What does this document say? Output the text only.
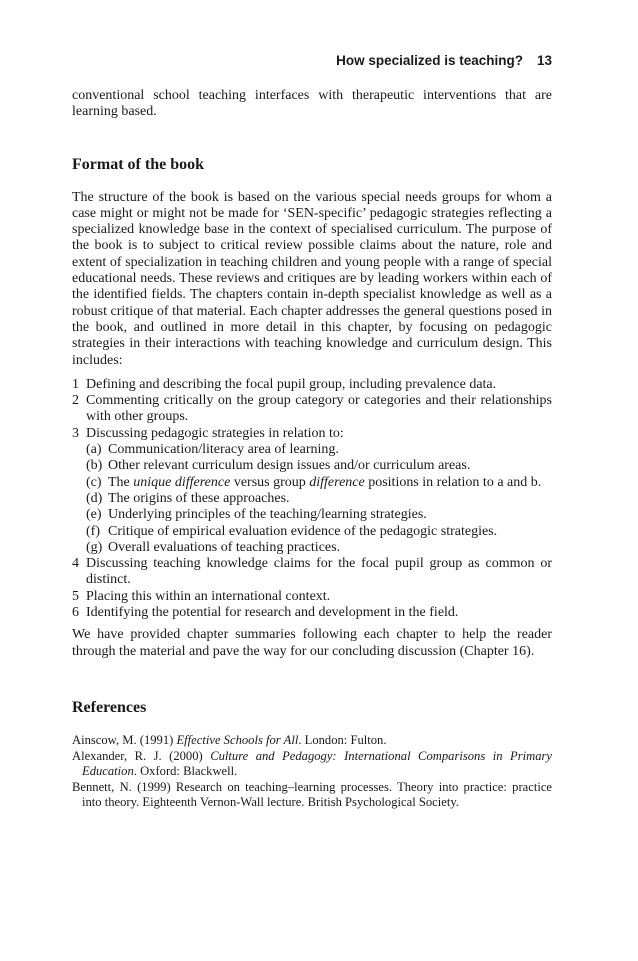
How specialized is teaching? 13

conventional school teaching interfaces with therapeutic interventions that are learning based.

Format of the book

The structure of the book is based on the various special needs groups for whom a case might or might not be made for ‘SEN-specific’ pedagogic strategies reflecting a specialized knowledge base in the context of specialised curriculum. The purpose of the book is to subject to critical review possible claims about the nature, role and extent of specialization in teaching children and young people with a range of special educational needs. These reviews and critiques are by leading workers within each of the identified fields. The chapters contain in-depth specialist knowledge as well as a robust critique of that material. Each chapter addresses the general questions posed in the book, and outlined in more detail in this chapter, by focusing on pedagogic strategies in their interactions with teaching knowledge and curriculum design. This includes:

1 Defining and describing the focal pupil group, including prevalence data.
2 Commenting critically on the group category or categories and their relationships with other groups.
3 Discussing pedagogic strategies in relation to:
(a) Communication/literacy area of learning.
(b) Other relevant curriculum design issues and/or curriculum areas.
(c) The unique difference versus group difference positions in relation to a and b.
(d) The origins of these approaches.
(e) Underlying principles of the teaching/learning strategies.
(f) Critique of empirical evaluation evidence of the pedagogic strategies.
(g) Overall evaluations of teaching practices.
4 Discussing teaching knowledge claims for the focal pupil group as common or distinct.
5 Placing this within an international context.
6 Identifying the potential for research and development in the field.

We have provided chapter summaries following each chapter to help the reader through the material and pave the way for our concluding discussion (Chapter 16).

References

Ainscow, M. (1991) Effective Schools for All. London: Fulton.

Alexander, R. J. (2000) Culture and Pedagogy: International Comparisons in Primary Education. Oxford: Blackwell.

Bennett, N. (1999) Research on teaching–learning processes. Theory into practice: practice into theory. Eighteenth Vernon-Wall lecture. British Psychological Society.
